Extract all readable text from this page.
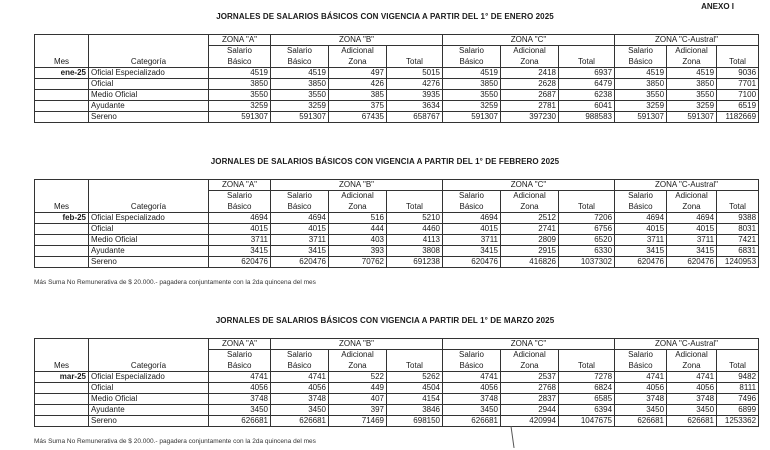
ANEXO I
JORNALES DE SALARIOS BÁSICOS CON VIGENCIA A PARTIR DEL 1° DE ENERO 2025
		ZONA "A"	ZONA "B"			ZONA "C"			ZONA "C-Austral"		
		Salario	Salario	Adicional		Salario	Adicional		Salario	Adicional	
Mes	Categoría	Básico	Básico	Zona	Total	Básico	Zona	Total	Básico	Zona	Total
ene-25	Oficial Especializado	4519	4519	497	5015	4519	2418	6937	4519	4519	9036
	Oficial	3850	3850	426	4276	3850	2628	6479	3850	3850	7701
	Medio Oficial	3550	3550	385	3935	3550	2687	6238	3550	3550	7100
	Ayudante	3259	3259	375	3634	3259	2781	6041	3259	3259	6519
	Sereno	591307	591307	67435	658767	591307	397230	988583	591307	591307	1182669
JORNALES DE SALARIOS BÁSICOS CON VIGENCIA A PARTIR DEL 1° DE FEBRERO 2025
		ZONA "A"	ZONA "B"			ZONA "C"			ZONA "C-Austral"		
		Salario	Salario	Adicional		Salario	Adicional		Salario	Adicional	
Mes	Categoría	Básico	Básico	Zona	Total	Básico	Zona	Total	Básico	Zona	Total
feb-25	Oficial Especializado	4694	4694	516	5210	4694	2512	7206	4694	4694	9388
	Oficial	4015	4015	444	4460	4015	2741	6756	4015	4015	8031
	Medio Oficial	3711	3711	403	4113	3711	2809	6520	3711	3711	7421
	Ayudante	3415	3415	393	3808	3415	2915	6330	3415	3415	6831
	Sereno	620476	620476	70762	691238	620476	416826	1037302	620476	620476	1240953
Más Suma No Remunerativa de $ 20.000.- pagadera conjuntamente con la 2da quincena del mes
JORNALES DE SALARIOS BÁSICOS CON VIGENCIA A PARTIR DEL 1° DE MARZO 2025
		ZONA "A"	ZONA "B"			ZONA "C"			ZONA "C-Austral"		
		Salario	Salario	Adicional		Salario	Adicional		Salario	Adicional	
Mes	Categoría	Básico	Básico	Zona	Total	Básico	Zona	Total	Básico	Zona	Total
mar-25	Oficial Especializado	4741	4741	522	5262	4741	2537	7278	4741	4741	9482
	Oficial	4056	4056	449	4504	4056	2768	6824	4056	4056	8111
	Medio Oficial	3748	3748	407	4154	3748	2837	6585	3748	3748	7496
	Ayudante	3450	3450	397	3846	3450	2944	6394	3450	3450	6899
	Sereno	626681	626681	71469	698150	626681	420994	1047675	626681	626681	1253362
Más Suma No Remunerativa de $ 20.000.- pagadera conjuntamente con la 2da quincena del mes
